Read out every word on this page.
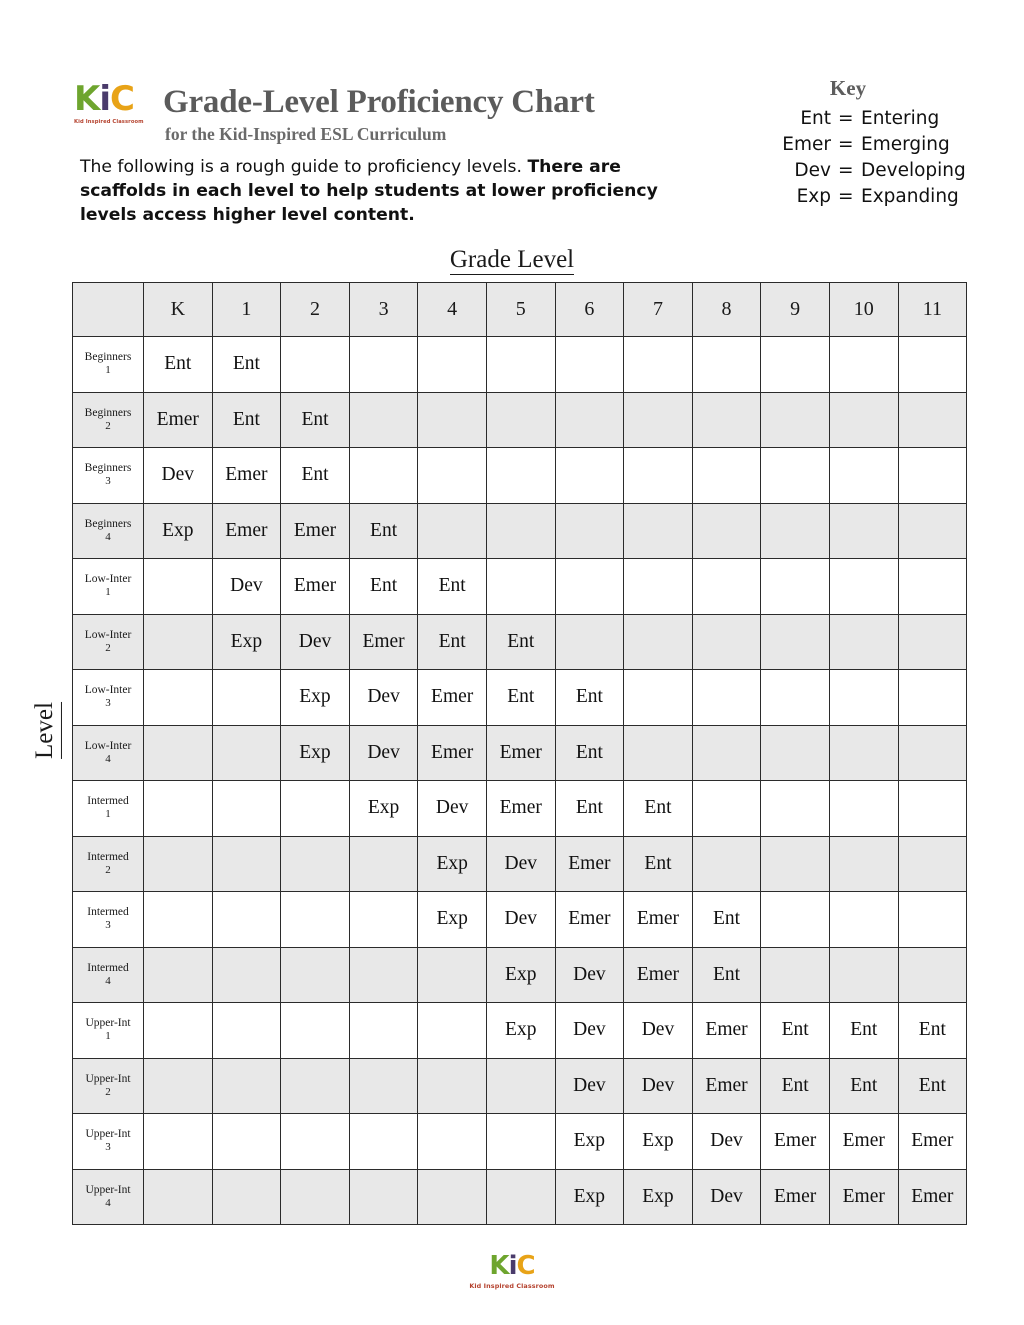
KiC
Kid Inspired Classroom
Grade-Level Proficiency Chart
for the Kid-Inspired ESL Curriculum
The following is a rough guide to proficiency levels. There are scaffolds in each level to help students at lower proficiency levels access higher level content.
Key
Ent = Entering
Emer = Emerging
Dev = Developing
Exp = Expanding
Grade Level
Level
	K	1	2	3	4	5	6	7	8	9	10	11
Beginners
1	Ent	Ent										
Beginners
2	Emer	Ent	Ent									
Beginners
3	Dev	Emer	Ent									
Beginners
4	Exp	Emer	Emer	Ent								
Low-Inter
1		Dev	Emer	Ent	Ent							
Low-Inter
2		Exp	Dev	Emer	Ent	Ent						
Low-Inter
3			Exp	Dev	Emer	Ent	Ent					
Low-Inter
4			Exp	Dev	Emer	Emer	Ent					
Intermed
1				Exp	Dev	Emer	Ent	Ent				
Intermed
2					Exp	Dev	Emer	Ent				
Intermed
3					Exp	Dev	Emer	Emer	Ent			
Intermed
4						Exp	Dev	Emer	Ent			
Upper-Int
1						Exp	Dev	Dev	Emer	Ent	Ent	Ent
Upper-Int
2							Dev	Dev	Emer	Ent	Ent	Ent
Upper-Int
3							Exp	Exp	Dev	Emer	Emer	Emer
Upper-Int
4							Exp	Exp	Dev	Emer	Emer	Emer
KiC
Kid Inspired Classroom
